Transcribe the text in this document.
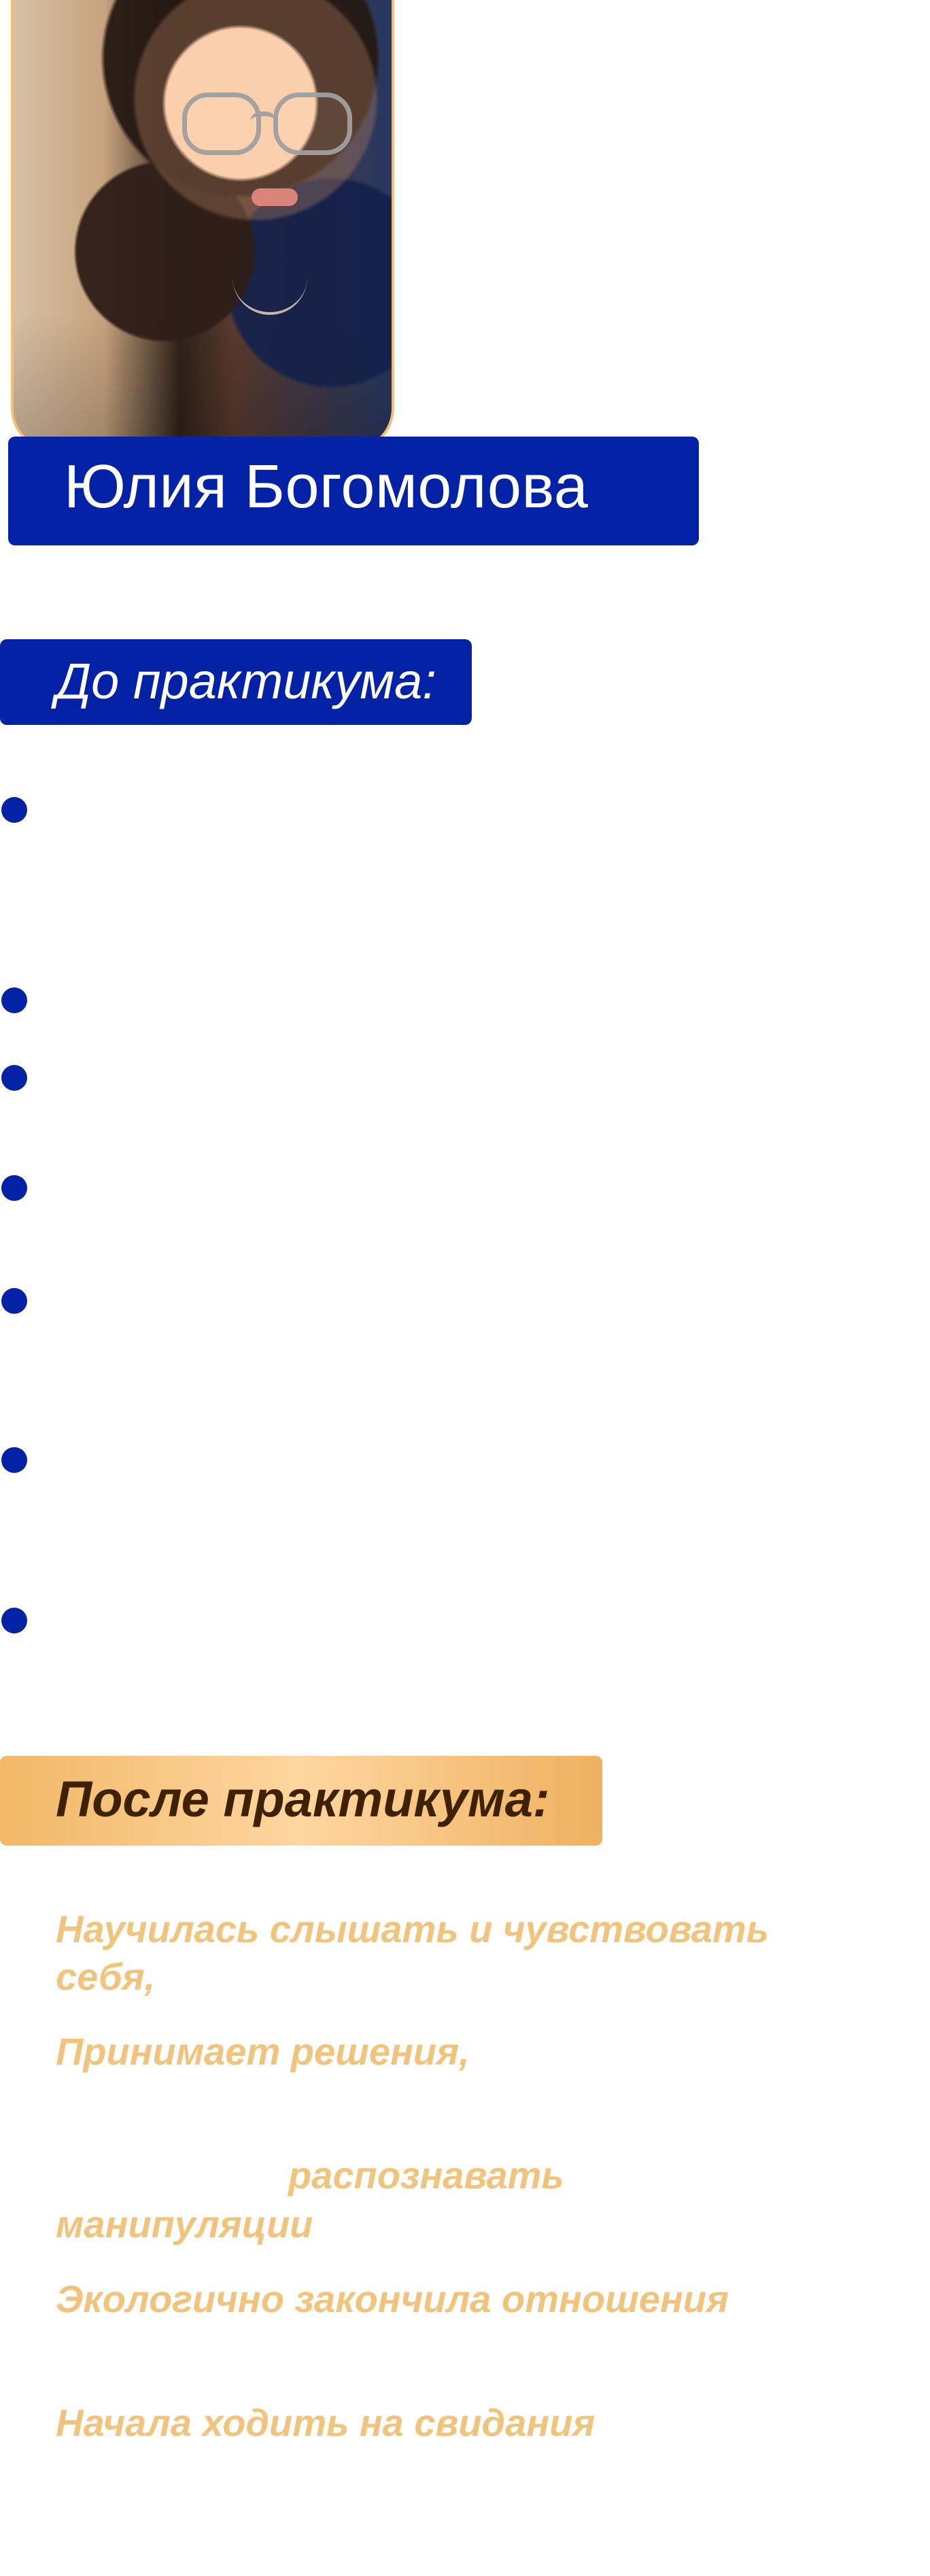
Юлия Богомолова
До практикума:
После практикума:
Научилась слышать и чувствовать себя,
Принимает решения,
распознавать
манипуляции
Экологично закончила отношения
Начала ходить на свидания
